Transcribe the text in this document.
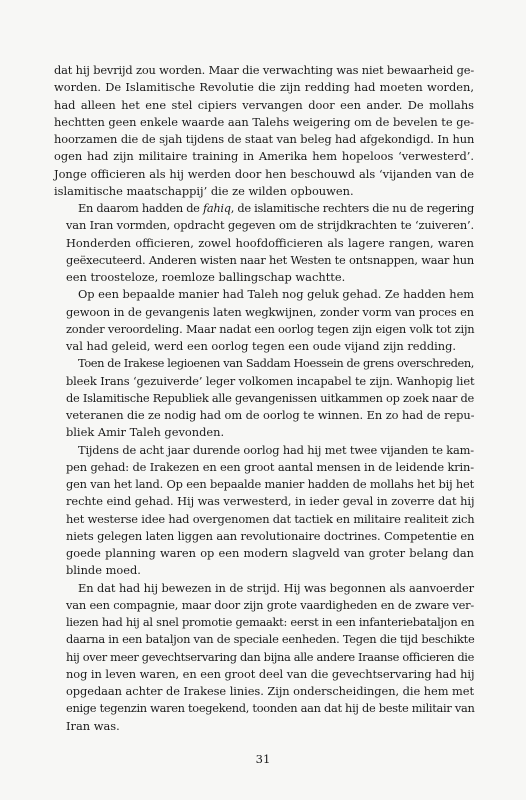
dat hij bevrijd zou worden. Maar die verwachting was niet bewaarheid ge-
worden. De Islamitische Revolutie die zijn redding had moeten worden,
had alleen het ene stel cipiers vervangen door een ander. De mollahs
hechtten geen enkele waarde aan Talehs weigering om de bevelen te ge-
hoorzamen die de sjah tijdens de staat van beleg had afgekondigd. In hun
ogen had zijn militaire training in Amerika hem hopeloos ‘verwesterd’.
Jonge officieren als hij werden door hen beschouwd als ‘vijanden van de
islamitische maatschappij’ die ze wilden opbouwen.
En daarom hadden de fahiq, de islamitische rechters die nu de regering
van Iran vormden, opdracht gegeven om de strijdkrachten te ‘zuiveren’.
Honderden officieren, zowel hoofdofficieren als lagere rangen, waren
geëxecuteerd. Anderen wisten naar het Westen te ontsnappen, waar hun
een troosteloze, roemloze ballingschap wachtte.
Op een bepaalde manier had Taleh nog geluk gehad. Ze hadden hem
gewoon in de gevangenis laten wegkwijnen, zonder vorm van proces en
zonder veroordeling. Maar nadat een oorlog tegen zijn eigen volk tot zijn
val had geleid, werd een oorlog tegen een oude vijand zijn redding.
Toen de Irakese legioenen van Saddam Hoessein de grens overschreden,
bleek Irans ‘gezuiverde’ leger volkomen incapabel te zijn. Wanhopig liet
de Islamitische Republiek alle gevangenissen uitkammen op zoek naar de
veteranen die ze nodig had om de oorlog te winnen. En zo had de repu-
bliek Amir Taleh gevonden.
Tijdens de acht jaar durende oorlog had hij met twee vijanden te kam-
pen gehad: de Irakezen en een groot aantal mensen in de leidende krin-
gen van het land. Op een bepaalde manier hadden de mollahs het bij het
rechte eind gehad. Hij was verwesterd, in ieder geval in zoverre dat hij
het westerse idee had overgenomen dat tactiek en militaire realiteit zich
niets gelegen laten liggen aan revolutionaire doctrines. Competentie en
goede planning waren op een modern slagveld van groter belang dan
blinde moed.
En dat had hij bewezen in de strijd. Hij was begonnen als aanvoerder
van een compagnie, maar door zijn grote vaardigheden en de zware ver-
liezen had hij al snel promotie gemaakt: eerst in een infanteriebataljon en
daarna in een bataljon van de speciale eenheden. Tegen die tijd beschikte
hij over meer gevechtservaring dan bijna alle andere Iraanse officieren die
nog in leven waren, en een groot deel van die gevechtservaring had hij
opgedaan achter de Irakese linies. Zijn onderscheidingen, die hem met
enige tegenzin waren toegekend, toonden aan dat hij de beste militair van
Iran was.
31
